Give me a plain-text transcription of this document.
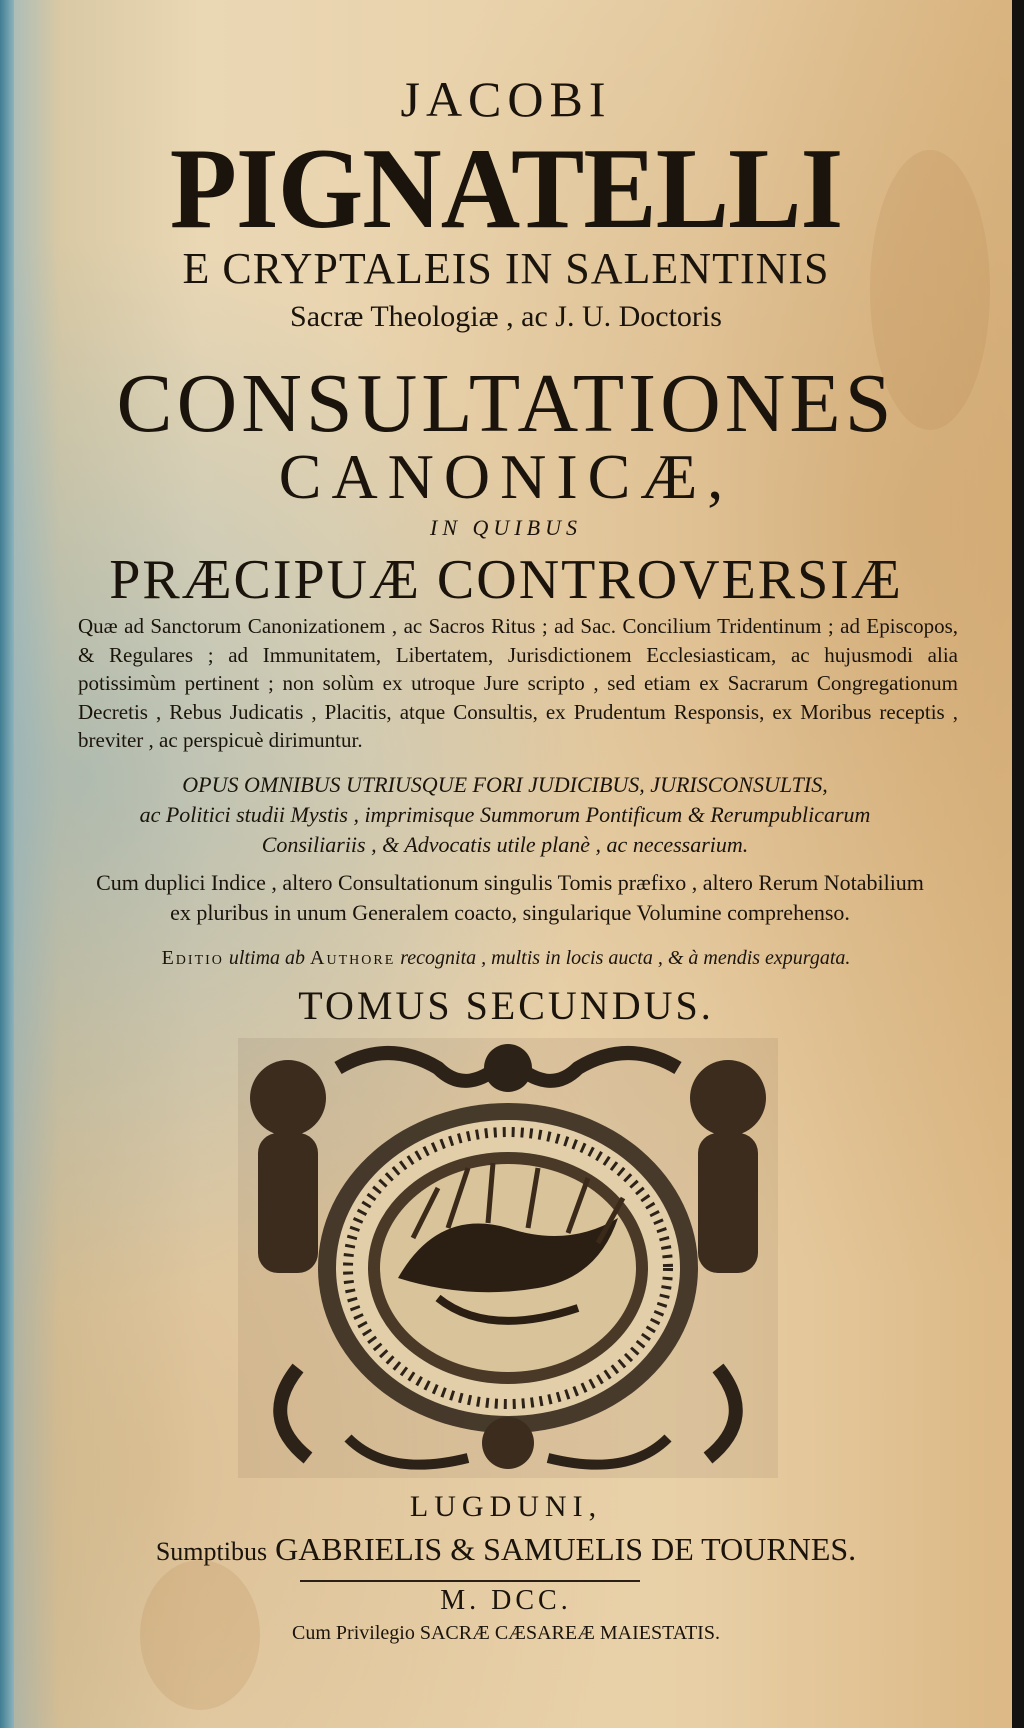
JACOBI
PIGNATELLI
E CRYPTALEIS IN SALENTINIS
Sacræ Theologiæ , ac J. U. Doctoris
CONSULTATIONES
CANONICÆ,
IN QUIBUS
PRÆCIPUÆ CONTROVERSIÆ
Quæ ad Sanctorum Canonizationem , ac Sacros Ritus ; ad Sac. Concilium Tridentinum ; ad Episcopos, & Regulares ; ad Immunitatem, Libertatem, Jurisdictionem Ecclesiasticam, ac hujusmodi alia potissimùm pertinent ; non solùm ex utroque Jure scripto , sed etiam ex Sacrarum Congregationum Decretis , Rebus Judicatis , Placitis, atque Consultis, ex Prudentum Responsis, ex Moribus receptis , breviter , ac perspicuè dirimuntur.
OPUS OMNIBUS UTRIUSQUE FORI JUDICIBUS, JURISCONSULTIS,
ac Politici studii Mystis , imprimisque Summorum Pontificum & Rerumpublicarum
Consiliariis , & Advocatis utile planè , ac necessarium.
Cum duplici Indice , altero Consultationum singulis Tomis præfixo , altero Rerum Notabilium
ex pluribus in unum Generalem coacto, singularique Volumine comprehenso.
Editio ultima ab Authore recognita , multis in locis aucta , & à mendis expurgata.
TOMUS SECUNDUS.
LUGDUNI,
Sumptibus GABRIELIS & SAMUELIS DE TOURNES.
M. DCC.
Cum Privilegio SACRÆ CÆSAREÆ MAIESTATIS.
